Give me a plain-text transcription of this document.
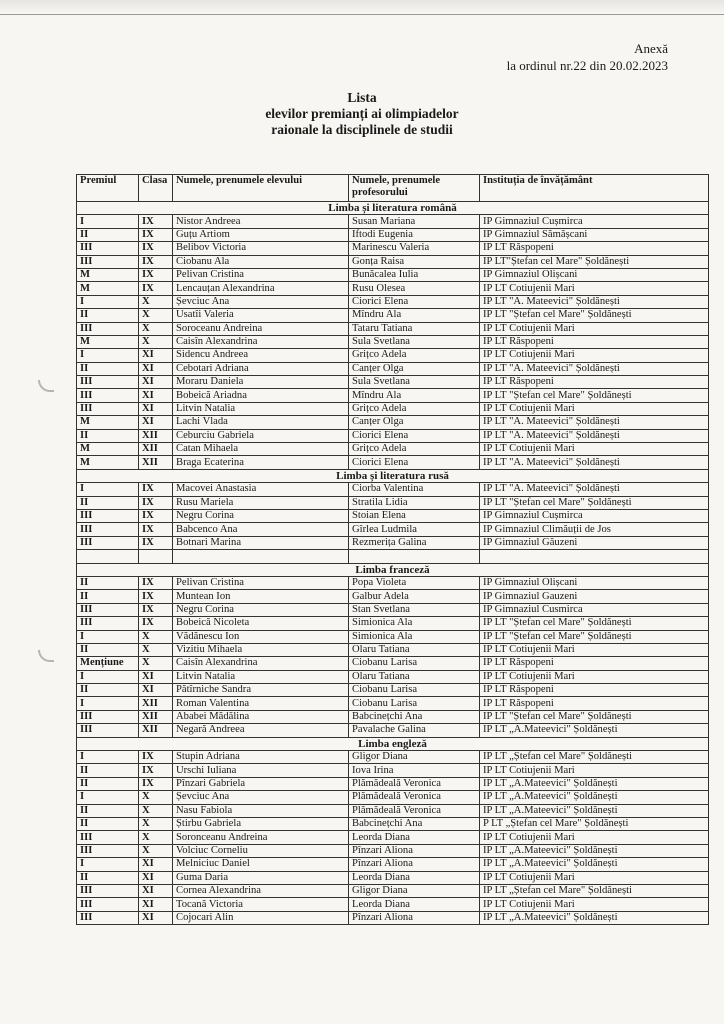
Anexă
la ordinul nr.22 din 20.02.2023
Lista
elevilor premianți ai olimpiadelor
raionale la disciplinele de studii
Premiul	Clasa	Numele, prenumele elevului	Numele, prenumele profesorului	Instituția de învățământ
Limba și literatura română				
I	IX	Nistor Andreea	Susan Mariana	IP Gimnaziul Cușmirca
II	IX	Guțu Artiom	Iftodi Eugenia	IP Gimnaziul Sămășcani
III	IX	Belibov Victoria	Marinescu Valeria	IP LT Răspopeni
III	IX	Ciobanu Ala	Gonța Raisa	IP LT"Ștefan cel Mare" Șoldănești
M	IX	Pelivan Cristina	Bunăcalea Iulia	IP Gimnaziul Olișcani
M	IX	Lencauțan Alexandrina	Rusu Olesea	IP LT Cotiujenii Mari
I	X	Șevciuc Ana	Ciorici Elena	IP LT "A. Mateevici" Șoldănești
II	X	Usatîi Valeria	Mîndru Ala	IP LT "Ștefan cel Mare" Șoldănești
III	X	Soroceanu Andreina	Tataru Tatiana	IP LT Cotiujenii Mari
M	X	Caisîn Alexandrina	Sula Svetlana	IP LT Răspopeni
I	XI	Sidencu Andreea	Grițco Adela	IP LT Cotiujenii Mari
II	XI	Cebotari Adriana	Canțer Olga	IP LT "A. Mateevici" Șoldănești
III	XI	Moraru Daniela	Sula Svetlana	IP LT Răspopeni
III	XI	Bobeică Ariadna	Mîndru Ala	IP LT "Ștefan cel Mare" Șoldănești
III	XI	Litvin Natalia	Grițco Adela	IP LT Cotiujenii Mari
M	XI	Lachi Vlada	Canțer Olga	IP LT "A. Mateevici" Șoldănești
II	XII	Ceburciu Gabriela	Ciorici Elena	IP LT "A. Mateevici" Șoldănești
M	XII	Catan Mihaela	Grițco Adela	IP LT Cotiujenii Mari
M	XII	Braga Ecaterina	Ciorici Elena	IP LT "A. Mateevici" Șoldănești
Limba și literatura rusă				
I	IX	Macovei Anastasia	Ciorba Valentina	IP LT "A. Mateevici" Șoldănești
II	IX	Rusu Mariela	Stratila Lidia	IP LT "Ștefan cel Mare" Șoldănești
III	IX	Negru Corina	Stoian Elena	IP Gimnaziul Cușmirca
III	IX	Babcenco Ana	Gîrlea Ludmila	IP Gimnaziul Climăuții de Jos
III	IX	Botnari Marina	Rezmerița Galina	IP Gimnaziul Găuzeni

Limba franceză				
II	IX	Pelivan Cristina	Popa Violeta	IP Gimnaziul Olișcani
II	IX	Muntean Ion	Galbur Adela	IP Gimnaziul Gauzeni
III	IX	Negru Corina	Stan Svetlana	IP Gimnaziul Cusmirca
III	IX	Bobeică Nicoleta	Simionica Ala	IP LT "Ștefan cel Mare" Șoldănești
I	X	Vădănescu Ion	Simionica Ala	IP LT "Ștefan cel Mare" Șoldănești
II	X	Vizitiu Mihaela	Olaru Tatiana	IP LT Cotiujenii Mari
Mențiune	X	Caisîn Alexandrina	Ciobanu Larisa	IP LT Răspopeni
I	XI	Litvin Natalia	Olaru Tatiana	IP LT Cotiujenii Mari
II	XI	Pătîrniche Sandra	Ciobanu Larisa	IP LT Răspopeni
I	XII	Roman Valentina	Ciobanu Larisa	IP LT Răspopeni
III	XII	Ababei Mădălina	Babcinețchi Ana	IP LT "Ștefan cel Mare" Șoldănești
III	XII	Negară Andreea	Pavalache Galina	IP LT „A.Mateevici" Șoldănești
Limba engleză				
I	IX	Stupin Adriana	Gligor Diana	IP LT „Ștefan cel Mare" Șoldănești
II	IX	Urschi Iuliana	Iova Irina	IP LT Cotiujenii Mari
II	IX	Pînzari Gabriela	Plămădeală Veronica	IP LT „A.Mateevici" Șoldănești
I	X	Șevciuc Ana	Plămădeală Veronica	IP LT „A.Mateevici" Șoldănești
II	X	Nasu Fabiola	Plămădeală Veronica	IP LT „A.Mateevici" Șoldănești
II	X	Știrbu Gabriela	Babcinețchi Ana	P LT „Ștefan cel Mare" Șoldănești
III	X	Soronceanu Andreina	Leorda Diana	IP LT Cotiujenii Mari
III	X	Volciuc Corneliu	Pînzari Aliona	IP LT „A.Mateevici" Șoldănești
I	XI	Melniciuc Daniel	Pînzari Aliona	IP LT „A.Mateevici" Șoldănești
II	XI	Guma Daria	Leorda Diana	IP LT Cotiujenii Mari
III	XI	Cornea Alexandrina	Gligor Diana	IP LT „Ștefan cel Mare" Șoldănești
III	XI	Tocană Victoria	Leorda Diana	IP LT Cotiujenii Mari
III	XI	Cojocari Alin	Pînzari Aliona	IP LT „A.Mateevici" Șoldănești
